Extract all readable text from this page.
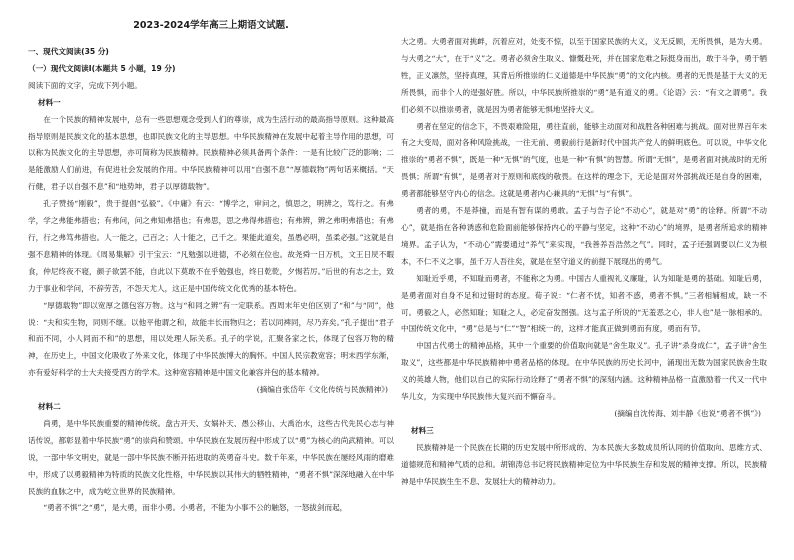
2023-2024学年高三上期语文试题.

一、现代文阅读(35 分)

（一）现代文阅读I(本题共 5 小题，19 分)

阅读下面的文字，完成下列小题。

材料一

在一个民族的精神发展中，总有一些思想观念受到人们的尊崇，成为生活行动的最高指导原则。这种最高指导原则是民族文化的基本思想，也即民族文化的主导思想。中华民族精神在发展中起着主导作用的思想，可以称为民族文化的主导思想，亦可简称为民族精神。民族精神必须具备两个条件：一是有比较广泛的影响；二是能激励人们前进，有促进社会发展的作用。中华民族精神可以用“自强不息”“厚德载物”两句话来概括。“天行健，君子以自强不息”和“地势坤，君子以厚德载物”。

孔子赞扬“刚毅”，贵于提倡“弘毅”。《中庸》有云：“博学之，审问之，慎思之，明辨之，笃行之。有弗学，学之弗能弗措也；有弗问，问之弗知弗措也；有弗思，思之弗得弗措也；有弗辨，辨之弗明弗措也；有弗行，行之弗笃弗措也。人一能之，己百之；人十能之，己千之。果能此道矣，虽愚必明，虽柔必强。”这就是自强不息精神的体现。《周易集解》引干宝云：“凡勉强以进德，不必须在位也。故尧舜一日万机，文王日昃不暇食，仲尼终夜不寝，颜子欲罢不能，自此以下莫敢不在乎勉强也，终日乾乾，夕惕若厉。”后世的有志之士，致力于事业和学问，不辞劳苦，不怨天尤人，这正是中国传统文化优秀的基本特色。

“厚德载物”即以宽厚之德包容万物。这与“和同之辨”有一定联系。西周末年史伯区别了“和”与“同”，他说：“夫和实生物，同则不继。以他平他谓之和，故能丰长而物归之；若以同裨同，尽乃弃矣。”孔子提出“君子和而不同，小人同而不和”的思想，用以处理人际关系。孔子的学说，汇聚各家之长，体现了包容万物的精神，在历史上，中国文化吸收了外来文化，体现了中华民族博大的胸怀。中国人民宗教宽容；明末西学东渐，亦有爱好科学的士大夫接受西方的学术。这种宽容精神是中国文化兼容并包的基本精神。

(摘编自张岱年《文化传统与民族精神》)

材料二

尚勇，是中华民族重要的精神传统。盘古开天、女娲补天、愚公移山、大禹治水，这些古代先民心志与神话传说，都彰显着中华民族“勇”的崇尚和赞颂。中华民族在发展历程中形成了以“勇”为核心的尚武精神。可以说，一部中华文明史，就是一部中华民族不断开拓进取的英勇奋斗史。数千年来，中华民族在屡经风雨的磨难中，形成了以勇毅精神为特质的民族文化性格，中华民族以其伟大的牺牲精神，“勇者不惧”深深地融入在中华民族的血脉之中，成为屹立世界的民族精神。

“勇者不惧”之“勇”，是大勇，而非小勇。小勇者，不能为小事不公的触怒，一怒拔剑而起，

大之勇。大勇者面对挑衅，沉着应对，处变不惊，以至于国家民族的大义，义无反顾，无所畏惧，是为大勇。与大勇之“大”，在于“义”之。勇者必须舍生取义、慷慨赴死，并在国家危难之际挺身而出，敢于斗争，勇于牺牲，正义凛然，坚持真理，其背后所推崇的仁义道德是中华民族“勇”的文化内核。勇者的无畏是基于大义的无所畏惧，而非个人的逞强好胜。所以，中华民族所推崇的“勇”是有道义的勇。《论语》云：“有文之谓勇”。我们必须不以推崇勇者，就是因为勇者能够无惧地坚持大义。

勇者在坚定的信念下，不畏艰难险阻，勇往直前，能够主动面对和战胜各种困难与挑战。面对世界百年未有之大变局，面对各种风险挑战，一往无前、勇毅前行是新时代中国共产党人的鲜明底色。可以说，中华文化推崇的“勇者不惧”，既是一种“无惧”的气度，也是一种“有惧”的智慧。所谓“无惧”，是勇者面对挑战时的无所畏惧；所谓“有惧”，是勇者对于原则和底线的敬畏。在这样的理念下，无论是面对外部挑战还是自身的困难，勇者都能够坚守内心的信念。这就是勇者内心兼具的“无惧”与“有惧”。

勇者的勇，不是莽撞，而是有智有谋的勇敢。孟子与告子论“不动心”，就是对“勇”的诠释。所谓“不动心”，就是指在各种诱惑和危险面前能够保持内心的平静与坚定，这种“不动心”的境界，是勇者所追求的精神境界。孟子认为，“不动心”需要通过“养气”来实现，“我善养吾浩然之气”。同时，孟子还强调要以仁义为根本，不仁不义之事，虽千万人吾往矣，就是在坚守道义的前提下展现出的勇气。

知耻近乎勇，不知耻而勇者，不能称之为勇。中国古人重视礼义廉耻，认为知耻是勇的基础。知耻后勇，是勇者面对自身不足和过错时的态度。荀子说：“仁者不忧，知者不惑，勇者不惧。”三者相辅相成，缺一不可。勇毅之人，必然知耻；知耻之人，必定奋发图强。这与孟子所说的“无羞恶之心，非人也”是一脉相承的。中国传统文化中，“勇”总是与“仁”“智”相统一的，这样才能真正做到勇而有度，勇而有节。

中国古代勇士的精神品格，其中一个重要的价值取向就是“舍生取义”。孔子讲“杀身成仁”，孟子讲“舍生取义”，这些都是中华民族精神中勇者品格的体现。在中华民族的历史长河中，涌现出无数为国家民族舍生取义的英雄人物，他们以自己的实际行动诠释了“勇者不惧”的深刻内涵。这种精神品格一直激励着一代又一代中华儿女，为实现中华民族伟大复兴而不懈奋斗。

(摘编自沈传海、刘丰静《也说“勇者不惧”》)

材料三

民族精神是一个民族在长期的历史发展中所形成的、为本民族大多数成员所认同的价值取向、思维方式、道德规范和精神气质的总和。胡锦涛总书记将民族精神定位为中华民族生存和发展的精神支撑。所以，民族精神是中华民族生生不息、发展壮大的精神动力。
